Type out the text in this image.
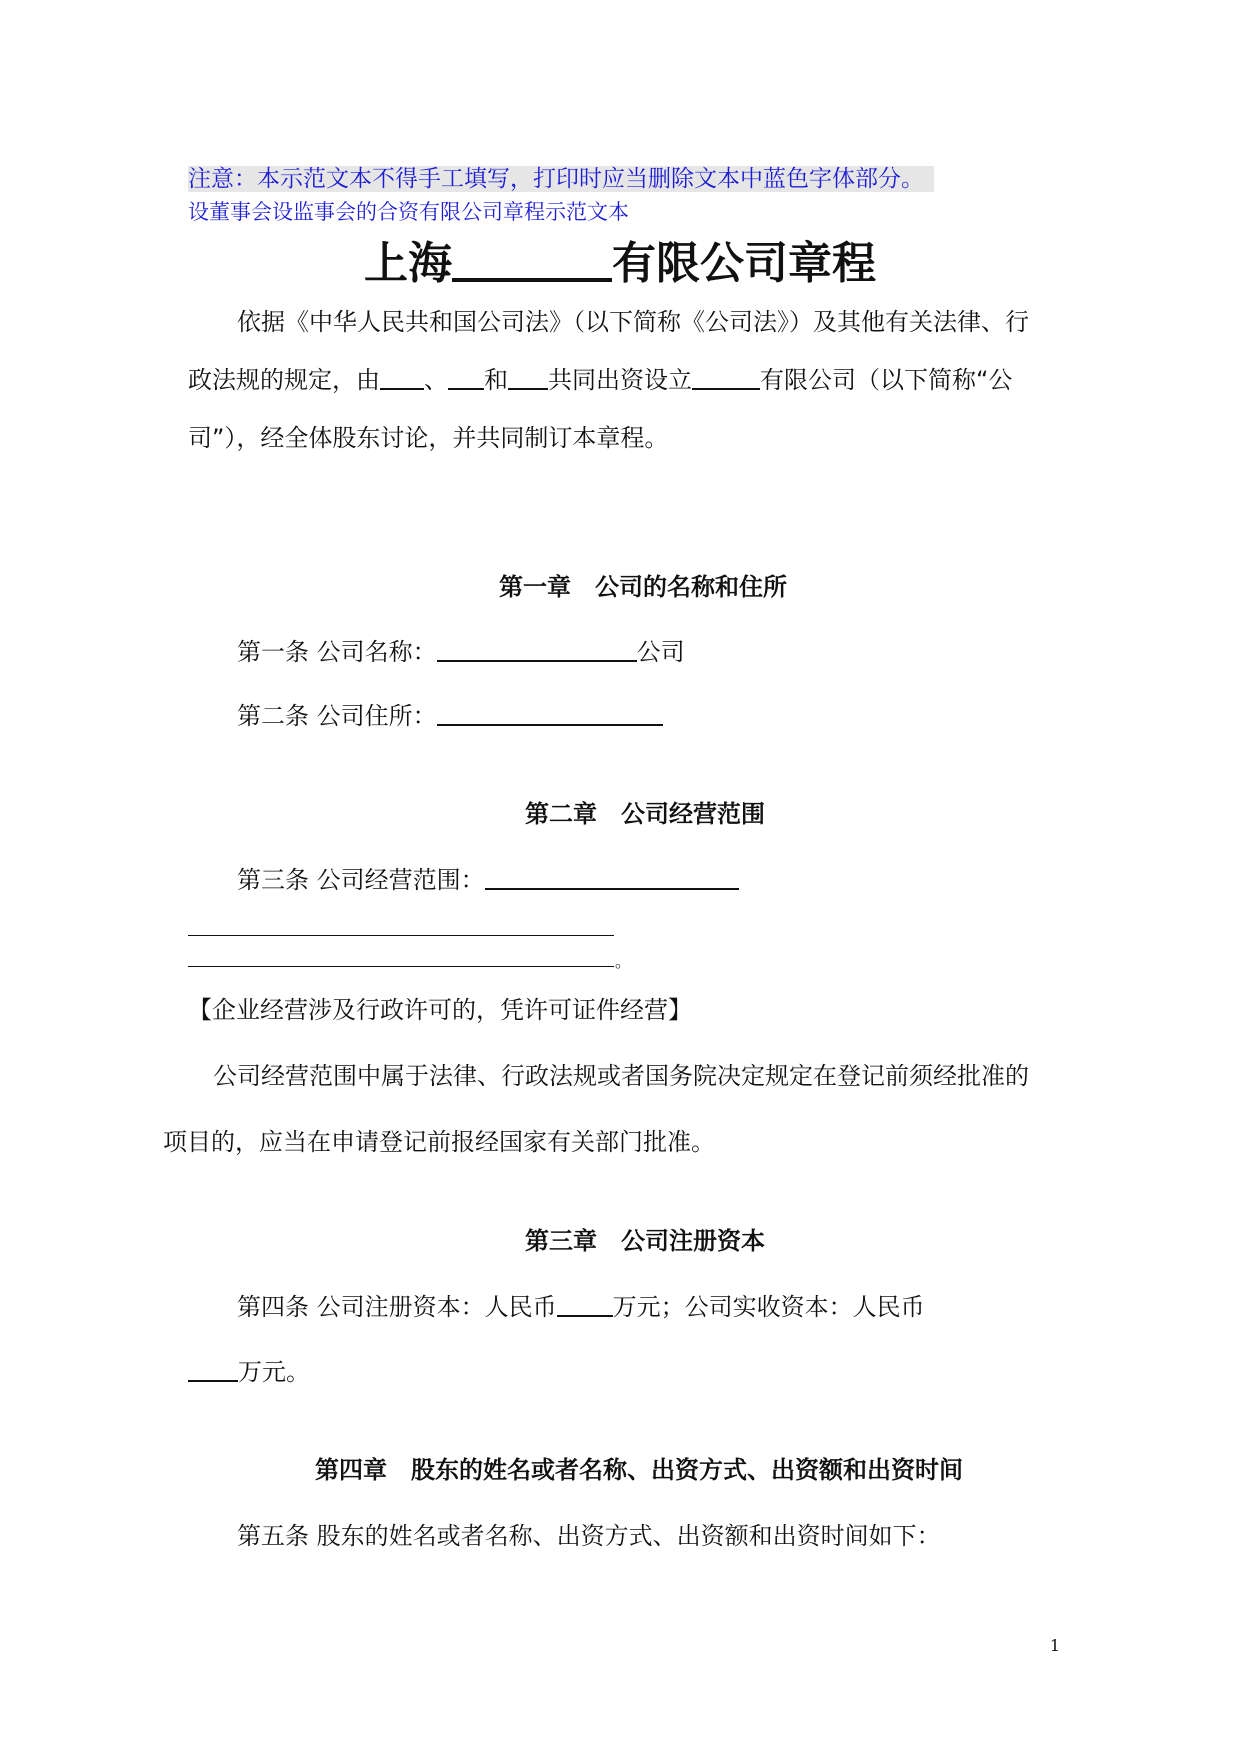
注意：本示范文本不得手工填写，打印时应当删除文本中蓝色字体部分。
设董事会设监事会的合资有限公司章程示范文本
上海	有限公司章程
依据《中华人民共和国公司法》（以下简称《公司法》）及其他有关法律、行
政法规的规定，由 、 和 共同出资设立	有限公司（以下简称“公
司”），经全体股东讨论，并共同制订本章程。
第一章　公司的名称和住所
第一条 公司名称：	公司
第二条 公司住所：
第二章　公司经营范围
第三条 公司经营范围：
。
【企业经营涉及行政许可的，凭许可证件经营】
公司经营范围中属于法律、行政法规或者国务院决定规定在登记前须经批准的
项目的，应当在申请登记前报经国家有关部门批准。
第三章　公司注册资本
第四条 公司注册资本：人民币 万元；公司实收资本：人民币
万元。
第四章　股东的姓名或者名称、出资方式、出资额和出资时间
第五条 股东的姓名或者名称、出资方式、出资额和出资时间如下：
1
